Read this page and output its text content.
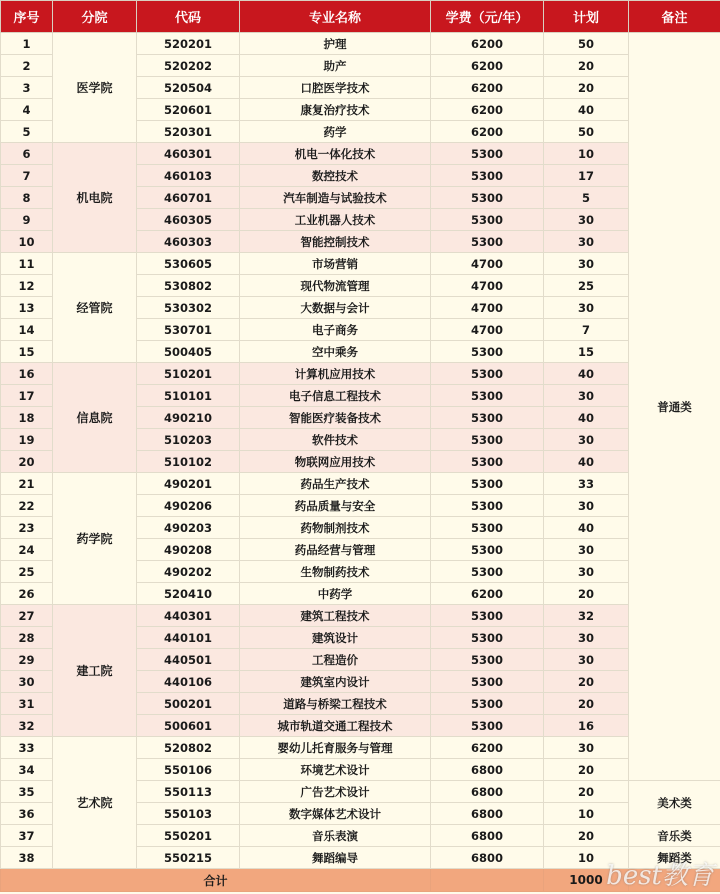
序号	分院	代码	专业名称	学费（元/年）	计划	备注
1	医学院	520201	护理	6200	50	普通类
2		520202	助产	6200	20	
3		520504	口腔医学技术	6200	20	
4		520601	康复治疗技术	6200	40	
5		520301	药学	6200	50	
6	机电院	460301	机电一体化技术	5300	10	
7		460103	数控技术	5300	17	
8		460701	汽车制造与试验技术	5300	5	
9		460305	工业机器人技术	5300	30	
10		460303	智能控制技术	5300	30	
11	经管院	530605	市场营销	4700	30	
12		530802	现代物流管理	4700	25	
13		530302	大数据与会计	4700	30	
14		530701	电子商务	4700	7	
15		500405	空中乘务	5300	15	
16	信息院	510201	计算机应用技术	5300	40	
17		510101	电子信息工程技术	5300	30	
18		490210	智能医疗装备技术	5300	40	
19		510203	软件技术	5300	30	
20		510102	物联网应用技术	5300	40	
21	药学院	490201	药品生产技术	5300	33	
22		490206	药品质量与安全	5300	30	
23		490203	药物制剂技术	5300	40	
24		490208	药品经营与管理	5300	30	
25		490202	生物制药技术	5300	30	
26		520410	中药学	6200	20	
27	建工院	440301	建筑工程技术	5300	32	
28		440101	建筑设计	5300	30	
29		440501	工程造价	5300	30	
30		440106	建筑室内设计	5300	20	
31		500201	道路与桥梁工程技术	5300	20	
32		500601	城市轨道交通工程技术	5300	16	
33	艺术院	520802	婴幼儿托育服务与管理	6200	30	
34		550106	环境艺术设计	6800	20	
35		550113	广告艺术设计	6800	20	美术类
36		550103	数字媒体艺术设计	6800	10	
37		550201	音乐表演	6800	20	音乐类
38		550215	舞蹈编导	6800	10	舞蹈类
合计					1000	best教育
